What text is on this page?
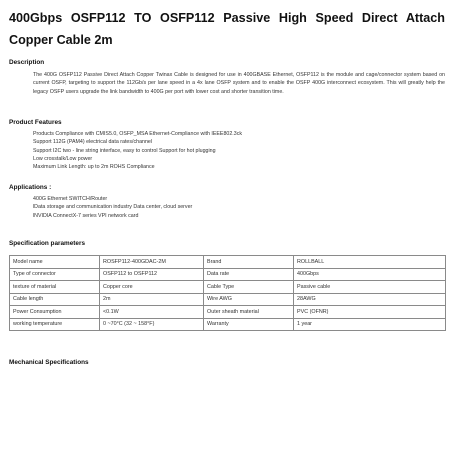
400Gbps OSFP112 TO OSFP112 Passive High Speed Direct Attach Copper Cable 2m
Description
The 400G OSFP112 Passive Direct Attach Copper Twinax Cable is designed for use in 400GBASE Ethernet, OSFP112 is the module and cage/connector system based on current OSFP, targeting to support the 112Gb/s per lane speed in a 4x lane OSFP system and to enable the OSFP 400G interconnect ecosystem. This will greatly help the legacy OSFP users upgrade the link bandwidth to 400G per port with lower cost and shorter transition time.
Product Features
Products Compliance with CMIS5.0, OSFP_MSA Ethernet-Compliance with IEEE802.3ck
Support 112G (PAM4) electrical data rates/channel
Support I2C two - line string interface, easy to control Support for hot plugging
Low crosstalk/Low power
Maximum Link Length: up to 2m ROHS Compliance
Applications :
400G Ethernet SWITCH/Router
lData storage and communication industry Data center, cloud server
lNVIDIA ConnectX-7 series VPI network card
Specification parameters
Model name	ROSFP112-400GDAC-2M	Brand	ROLLBALL
Type of connector	OSFP112 to OSFP112	Data rate	400Gbps
texture of material	Copper core	Cable Type	Passive cable
Cable length	2m	Wire AWG	28AWG
Power Consumption	<0.1W	Outer sheath material	PVC (OFNR)
working temperature	0 ~70°C (32 ~ 158°F)	Warranty	1 year
Mechanical Specifications
